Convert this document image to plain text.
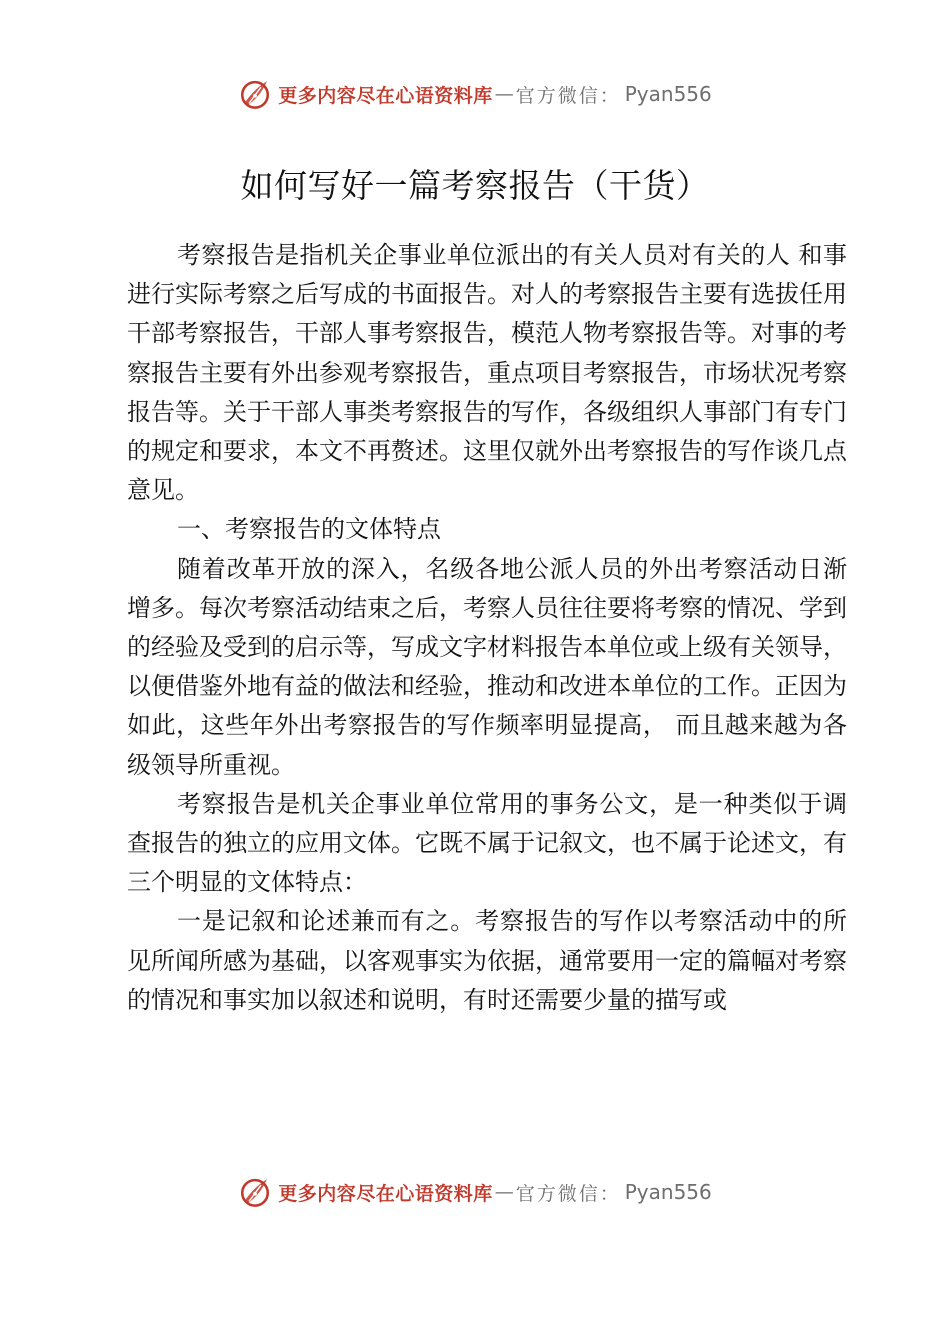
更多内容尽在心语资料库 — 官方微信： Pyan556
如何写好一篇考察报告（干货）

考察报告是指机关企事业单位派出的有关人员对有关的人 和事进行实际考察之后写成的书面报告。对人的考察报告主要有选拔任用干部考察报告，干部人事考察报告，模范人物考察报告等。对事的考察报告主要有外出参观考察报告，重点项目考察报告，市场状况考察报告等。关于干部人事类考察报告的写作，各级组织人事部门有专门的规定和要求，本文不再赘述。这里仅就外出考察报告的写作谈几点意见。

一、考察报告的文体特点

随着改革开放的深入，名级各地公派人员的外出考察活动日渐增多。每次考察活动结束之后，考察人员往往要将考察的情况、学到的经验及受到的启示等，写成文字材料报告本单位或上级有关领导，以便借鉴外地有益的做法和经验，推动和改进本单位的工作。正因为如此，这些年外出考察报告的写作频率明显提高， 而且越来越为各级领导所重视。

考察报告是机关企事业单位常用的事务公文，是一种类似于调查报告的独立的应用文体。它既不属于记叙文，也不属于论述文，有三个明显的文体特点：

一是记叙和论述兼而有之。考察报告的写作以考察活动中的所见所闻所感为基础，以客观事实为依据，通常要用一定的篇幅对考察的情况和事实加以叙述和说明，有时还需要少量的描写或

更多内容尽在心语资料库 — 官方微信： Pyan556
